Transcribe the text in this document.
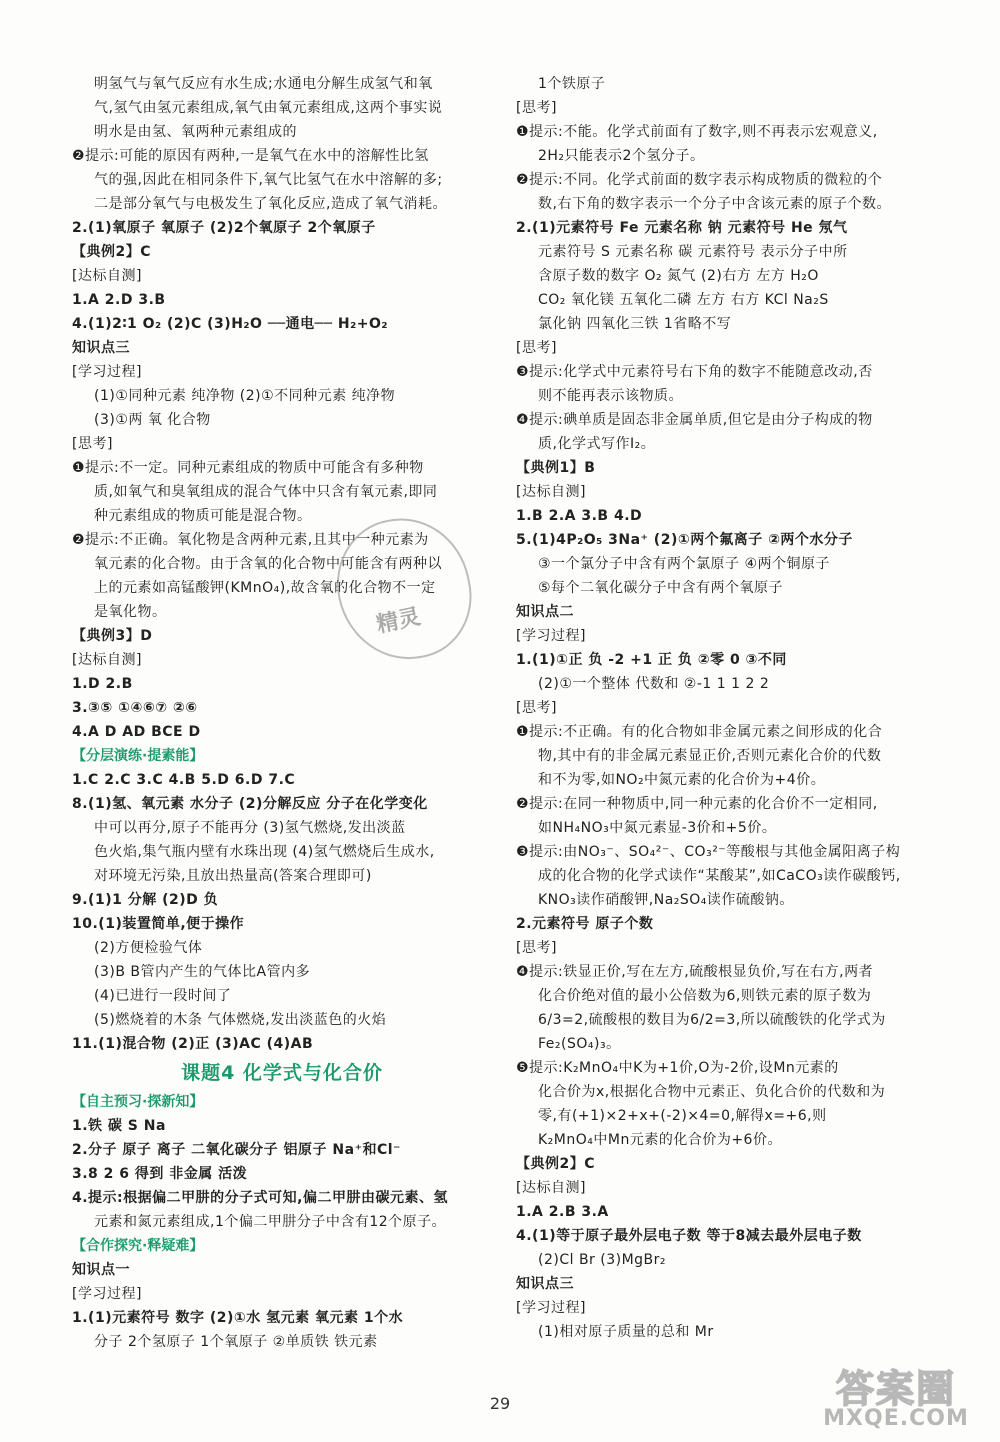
明氢气与氧气反应有水生成;水通电分解生成氢气和氧
气,氢气由氢元素组成,氧气由氧元素组成,这两个事实说
明水是由氢、氧两种元素组成的
❷提示:可能的原因有两种,一是氧气在水中的溶解性比氢
气的强,因此在相同条件下,氧气比氢气在水中溶解的多;
二是部分氧气与电极发生了氧化反应,造成了氧气消耗。
2.(1)氧原子 氧原子 (2)2个氧原子 2个氧原子
【典例2】C
[达标自测]
1.A 2.D 3.B
4.(1)2∶1 O₂ (2)C (3)H₂O ──通电── H₂+O₂
知识点三
[学习过程]
(1)①同种元素 纯净物 (2)①不同种元素 纯净物
(3)①两 氧 化合物
[思考]
❶提示:不一定。同种元素组成的物质中可能含有多种物
质,如氧气和臭氧组成的混合气体中只含有氧元素,即同
种元素组成的物质可能是混合物。
❷提示:不正确。氧化物是含两种元素,且其中一种元素为
氧元素的化合物。由于含氧的化合物中可能含有两种以
上的元素如高锰酸钾(KMnO₄),故含氧的化合物不一定
是氧化物。
【典例3】D
[达标自测]
1.D 2.B
3.③⑤ ①④⑥⑦ ②⑥
4.A D AD BCE D
【分层演练·提素能】
1.C 2.C 3.C 4.B 5.D 6.D 7.C
8.(1)氢、氧元素 水分子 (2)分解反应 分子在化学变化
中可以再分,原子不能再分 (3)氢气燃烧,发出淡蓝
色火焰,集气瓶内壁有水珠出现 (4)氢气燃烧后生成水,
对环境无污染,且放出热量高(答案合理即可)
9.(1)1 分解 (2)D 负
10.(1)装置简单,便于操作
(2)方便检验气体
(3)B B管内产生的气体比A管内多
(4)已进行一段时间了
(5)燃烧着的木条 气体燃烧,发出淡蓝色的火焰
11.(1)混合物 (2)正 (3)AC (4)AB
课题4 化学式与化合价
【自主预习·探新知】
1.铁 碳 S Na
2.分子 原子 离子 二氧化碳分子 铝原子 Na⁺和Cl⁻
3.8 2 6 得到 非金属 活泼
4.提示:根据偏二甲肼的分子式可知,偏二甲肼由碳元素、氢
元素和氮元素组成,1个偏二甲肼分子中含有12个原子。
【合作探究·释疑难】
知识点一
[学习过程]
1.(1)元素符号 数字 (2)①水 氢元素 氧元素 1个水
分子 2个氢原子 1个氧原子 ②单质铁 铁元素
1个铁原子
[思考]
❶提示:不能。化学式前面有了数字,则不再表示宏观意义,
2H₂只能表示2个氢分子。
❷提示:不同。化学式前面的数字表示构成物质的微粒的个
数,右下角的数字表示一个分子中含该元素的原子个数。
2.(1)元素符号 Fe 元素名称 钠 元素符号 He 氖气
元素符号 S 元素名称 碳 元素符号 表示分子中所
含原子数的数字 O₂ 氮气 (2)右方 左方 H₂O
CO₂ 氧化镁 五氧化二磷 左方 右方 KCl Na₂S
氯化钠 四氧化三铁 1省略不写
[思考]
❸提示:化学式中元素符号右下角的数字不能随意改动,否
则不能再表示该物质。
❹提示:碘单质是固态非金属单质,但它是由分子构成的物
质,化学式写作I₂。
【典例1】B
[达标自测]
1.B 2.A 3.B 4.D
5.(1)4P₂O₅ 3Na⁺ (2)①两个氟离子 ②两个水分子
③一个氯分子中含有两个氯原子 ④两个铜原子
⑤每个二氧化碳分子中含有两个氧原子
知识点二
[学习过程]
1.(1)①正 负 -2 +1 正 负 ②零 0 ③不同
(2)①一个整体 代数和 ②-1 1 1 2 2
[思考]
❶提示:不正确。有的化合物如非金属元素之间形成的化合
物,其中有的非金属元素显正价,否则元素化合价的代数
和不为零,如NO₂中氮元素的化合价为+4价。
❷提示:在同一种物质中,同一种元素的化合价不一定相同,
如NH₄NO₃中氮元素显-3价和+5价。
❸提示:由NO₃⁻、SO₄²⁻、CO₃²⁻等酸根与其他金属阳离子构
成的化合物的化学式读作“某酸某”,如CaCO₃读作碳酸钙,
KNO₃读作硝酸钾,Na₂SO₄读作硫酸钠。
2.元素符号 原子个数
[思考]
❹提示:铁显正价,写在左方,硫酸根显负价,写在右方,两者
化合价绝对值的最小公倍数为6,则铁元素的原子数为
6/3=2,硫酸根的数目为6/2=3,所以硫酸铁的化学式为
Fe₂(SO₄)₃。
❺提示:K₂MnO₄中K为+1价,O为-2价,设Mn元素的
化合价为x,根据化合物中元素正、负化合价的代数和为
零,有(+1)×2+x+(-2)×4=0,解得x=+6,则
K₂MnO₄中Mn元素的化合价为+6价。
【典例2】C
[达标自测]
1.A 2.B 3.A
4.(1)等于原子最外层电子数 等于8减去最外层电子数
(2)Cl Br (3)MgBr₂
知识点三
[学习过程]
(1)相对原子质量的总和 Mr
精灵
29	答案圈
MXQE.COM
